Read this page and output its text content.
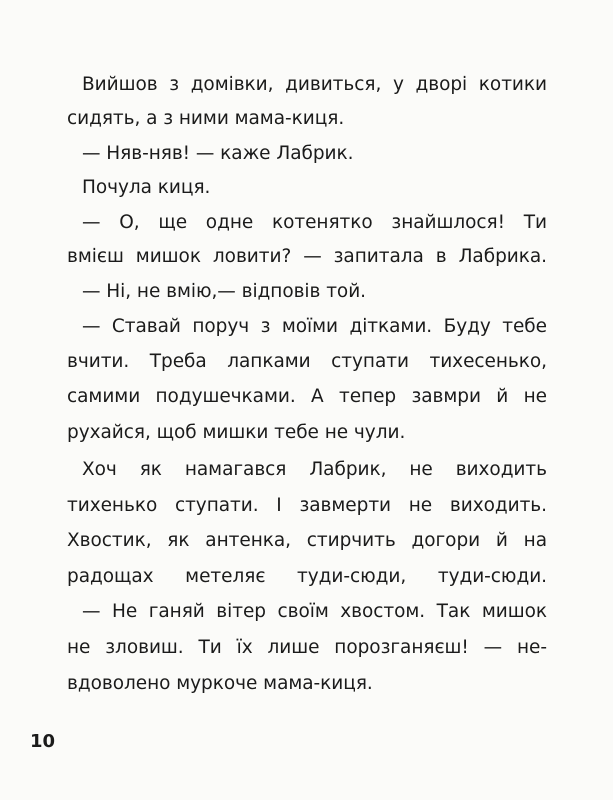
Вийшов з домівки, дивиться, у дворі котики
сидять, а з ними мама-киця.
— Няв-няв! — каже Лабрик.
Почула киця.
— О, ще одне котенятко знайшлося! Ти
вмієш мишок ловити? — запитала в Лабрика.
— Ні, не вмію,— відповів той.
— Ставай поруч з моїми дітками. Буду тебе
вчити. Треба лапками ступати тихесенько,
самими подушечками. А тепер завмри й не
рухайся, щоб мишки тебе не чули.
Хоч як намагався Лабрик, не виходить
тихенько ступати. І завмерти не виходить.
Хвостик, як антенка, стирчить догори й на
радощах метеляє туди-сюди, туди-сюди.
— Не ганяй вітер своїм хвостом. Так мишок
не зловиш. Ти їх лише порозганяєш! — не-
вдоволено муркоче мама-киця.
10
